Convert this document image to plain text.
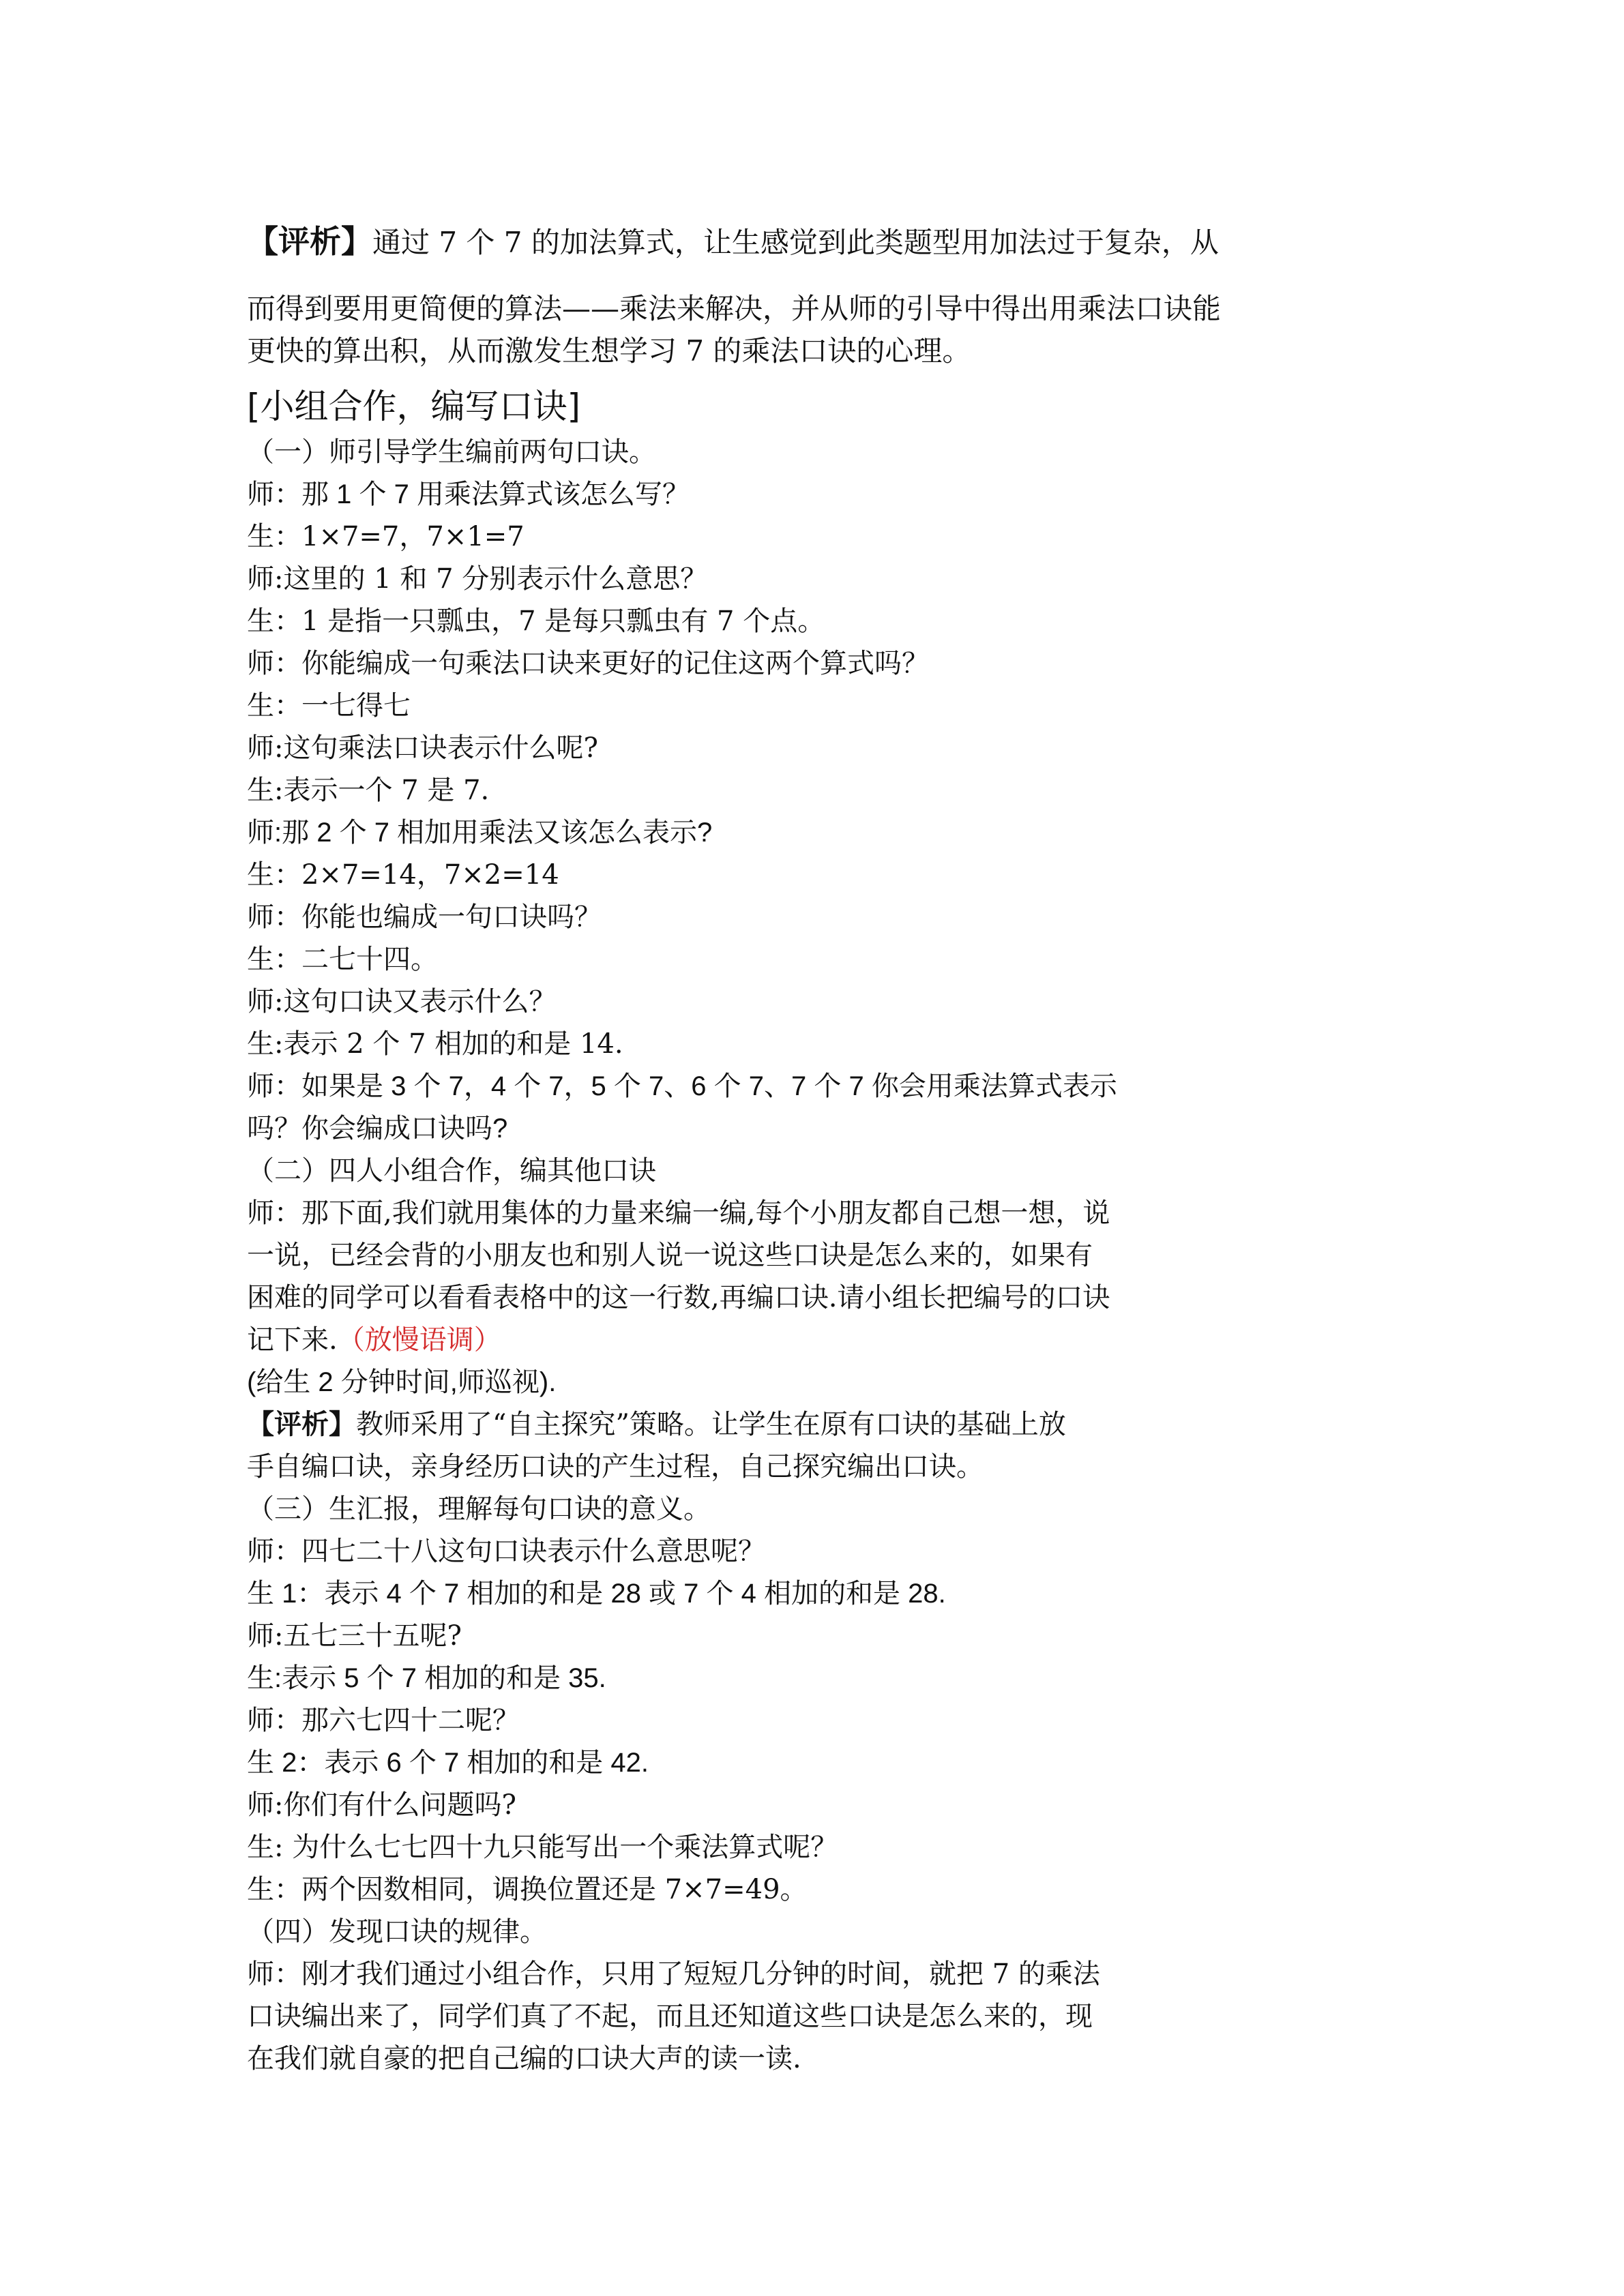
【评析】通过 7 个 7 的加法算式，让生感觉到此类题型用加法过于复杂，从

而得到要用更简便的算法——乘法来解决，并从师的引导中得出用乘法口诀能

更快的算出积，从而激发生想学习 7 的乘法口诀的心理。

[小组合作，编写口诀]

（一）师引导学生编前两句口诀。

师：那 1 个 7 用乘法算式该怎么写？

生：1×7=7，7×1=7

师:这里的 1 和 7 分别表示什么意思？

生：1 是指一只瓢虫，7 是每只瓢虫有 7 个点。

师：你能编成一句乘法口诀来更好的记住这两个算式吗？

生：一七得七

师:这句乘法口诀表示什么呢?

生:表示一个 7 是 7.

师:那 2 个 7 相加用乘法又该怎么表示?

生：2×7=14，7×2=14

师：你能也编成一句口诀吗？

生：二七十四。

师:这句口诀又表示什么？

生:表示 2 个 7 相加的和是 14.

师：如果是 3 个 7，4 个 7，5 个 7、6 个 7、7 个 7 你会用乘法算式表示

吗？你会编成口诀吗?

（二）四人小组合作，编其他口诀

师：那下面,我们就用集体的力量来编一编,每个小朋友都自己想一想，说

一说，已经会背的小朋友也和别人说一说这些口诀是怎么来的，如果有

困难的同学可以看看表格中的这一行数,再编口诀.请小组长把编号的口诀

记下来.（放慢语调）

(给生 2 分钟时间,师巡视).

【评析】教师采用了“自主探究”策略。让学生在原有口诀的基础上放

手自编口诀，亲身经历口诀的产生过程，自己探究编出口诀。

（三）生汇报，理解每句口诀的意义。

师：四七二十八这句口诀表示什么意思呢？

生 1：表示 4 个 7 相加的和是 28 或 7 个 4 相加的和是 28.

师:五七三十五呢?

生:表示 5 个 7 相加的和是 35.

师：那六七四十二呢？

生 2：表示 6 个 7 相加的和是 42.

师:你们有什么问题吗?

生: 为什么七七四十九只能写出一个乘法算式呢？

生：两个因数相同，调换位置还是 7×7=49。

（四）发现口诀的规律。

师：刚才我们通过小组合作，只用了短短几分钟的时间，就把 7 的乘法

口诀编出来了，同学们真了不起，而且还知道这些口诀是怎么来的，现

在我们就自豪的把自己编的口诀大声的读一读.
